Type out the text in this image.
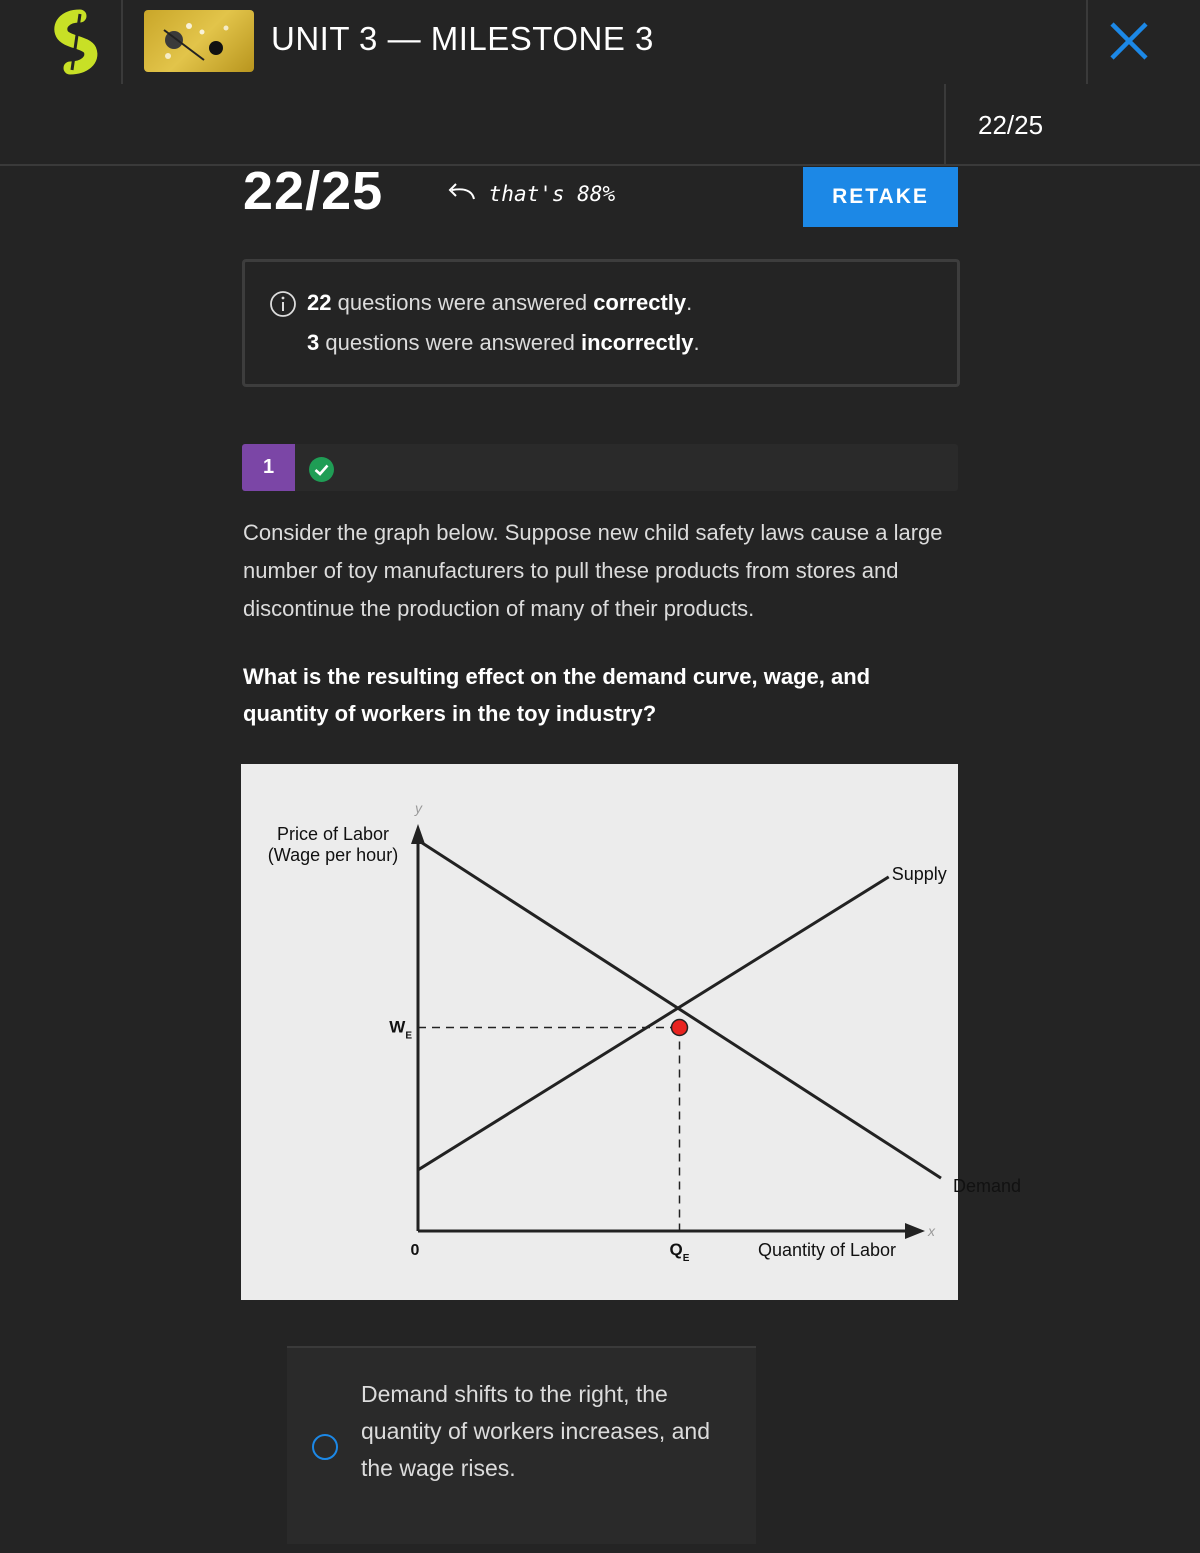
UNIT 3 — MILESTONE 3
22/25
22/25	that's 88%	RETAKE
22 questions were answered correctly.
3 questions were answered incorrectly.
1
Consider the graph below. Suppose new child safety laws cause a large number of toy manufacturers to pull these products from stores and discontinue the production of many of their products.
What is the resulting effect on the demand curve, wage, and quantity of workers in the toy industry?
y
x
Price of Labor
(Wage per hour)
0	Quantity of Labor
Supply
Demand
$W_E$
$Q_E$
Demand shifts to the right, the quantity of workers increases, and the wage rises.
